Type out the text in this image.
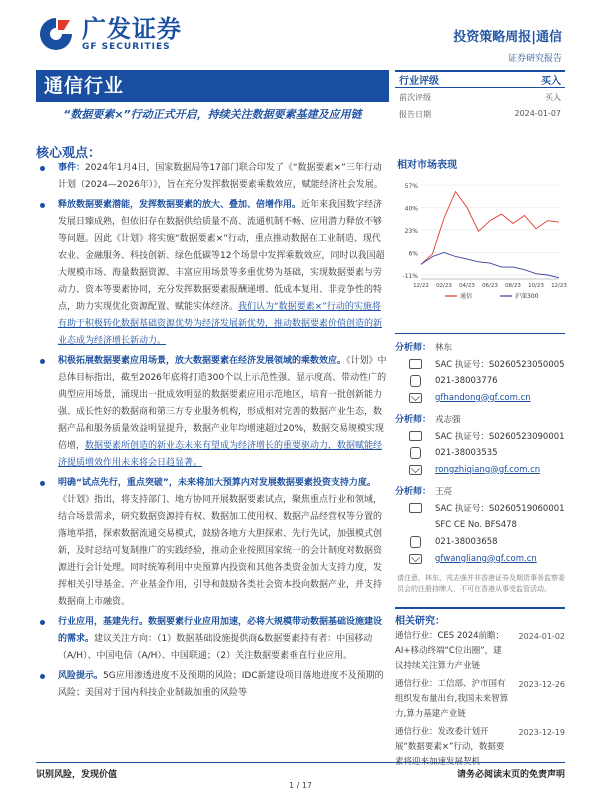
广发证券
GF SECURITIES
投资策略周报|通信
证券研究报告
通信行业
“数据要素×”行动正式开启，持续关注数据要素基建及应用链
核心观点：
事件：2024年1月4日，国家数据局等17部门联合印发了《“数据要素×”三年行动计划（2024—2026年）》，旨在充分发挥数据要素乘数效应，赋能经济社会发展。
释放数据要素潜能，发挥数据要素的放大、叠加、倍增作用。近年来我国数字经济发展日臻成熟，但依旧存在数据供给质量不高、流通机制不畅、应用潜力释放不够等问题。因此《计划》将实施“数据要素×”行动，重点推动数据在工业制造、现代农业、金融服务、科技创新、绿色低碳等12个场景中发挥乘数效应，同时以我国超大规模市场、海量数据资源、丰富应用场景等多重优势为基础，实现数据要素与劳动力、资本等要素协同，充分发挥数据要素报酬递增、低成本复用、非竞争性的特点，助力实现优化资源配置、赋能实体经济。我们认为“数据要素×”行动的实施将有助于积极转化数据基础资源优势为经济发展新优势，推动数据要素价值创造的新业态成为经济增长新动力。
积极拓展数据要素应用场景，放大数据要素在经济发展领域的乘数效应。《计划》中总体目标指出，截至2026年底将打造300个以上示范性强、显示度高、带动性广的典型应用场景，涌现出一批成效明显的数据要素应用示范地区，培育一批创新能力强、成长性好的数据商和第三方专业服务机构，形成相对完善的数据产业生态，数据产品和服务质量效益明显提升，数据产业年均增速超过20%，数据交易规模实现倍增，数据要素所创造的新业态未来有望成为经济增长的重要驱动力，数据赋能经济提质增效作用未来将会日趋显著。
明确“试点先行，重点突破”，未来将加大预算内对发展数据要素投资支持力度。《计划》指出，将支持部门、地方协同开展数据要素试点，聚焦重点行业和领域，结合场景需求，研究数据资源持有权、数据加工使用权、数据产品经营权等分置的落地举措，探索数据流通交易模式，鼓励各地方大胆探索、先行先试，加强模式创新，及时总结可复制推广的实践经验，推动企业按照国家统一的会计制度对数据资源进行会计处理。同时统筹利用中央预算内投资和其他各类资金加大支持力度，发挥相关引导基金、产业基金作用，引导和鼓励各类社会资本投向数据产业，并支持数据商上市融资。
行业应用，基建先行。数据要素行业应用加速，必将大规模带动数据基础设施建设的需求。建议关注方向：（1）数据基础设施提供商&数据要素持有者：中国移动（A/H）、中国电信（A/H）、中国联通；（2）关注数据要素垂直行业应用。
风险提示。5G应用渗透进度不及预期的风险；IDC新建设项目落地进度不及预期的风险；美国对于国内科技企业制裁加重的风险等
行业评级	买入
前次评级	买入
报告日期	2024-01-07
相对市场表现
57%
40%
23%
6%
-11%
12/22 02/23 04/23 06/23 08/23 10/23 12/23
通信	沪深300
分析师： 林东
SAC 执证号：S0260523050005
021-38003776
gfhandong@gf.com.cn
分析师： 戎志强
SAC 执证号：S0260523090001
021-38003535
rongzhiqiang@gf.com.cn
分析师： 王亮
SAC 执证号：S0260519060001
SFC CE No. BFS478
021-38003658
gfwangliang@gf.com.cn
请注意，林东、戎志强并非香港证券及期货事务监察委员会的注册持牌人，不可在香港从事受监管活动。
相关研究：
通信行业：CES 2024前瞻：AI+移动终端“C位出圈”，建议持续关注算力产业链
2024-01-02
通信行业：工信部、沪市国有组织发布量出台,我国未来智算力,算力基建产业链
2023-12-26
通信行业：发改委计划开展“数据要素×”行动，数据要素将迎来加速发展契机
2023-12-19
识别风险，发现价值	请务必阅读末页的免责声明
1 / 17
